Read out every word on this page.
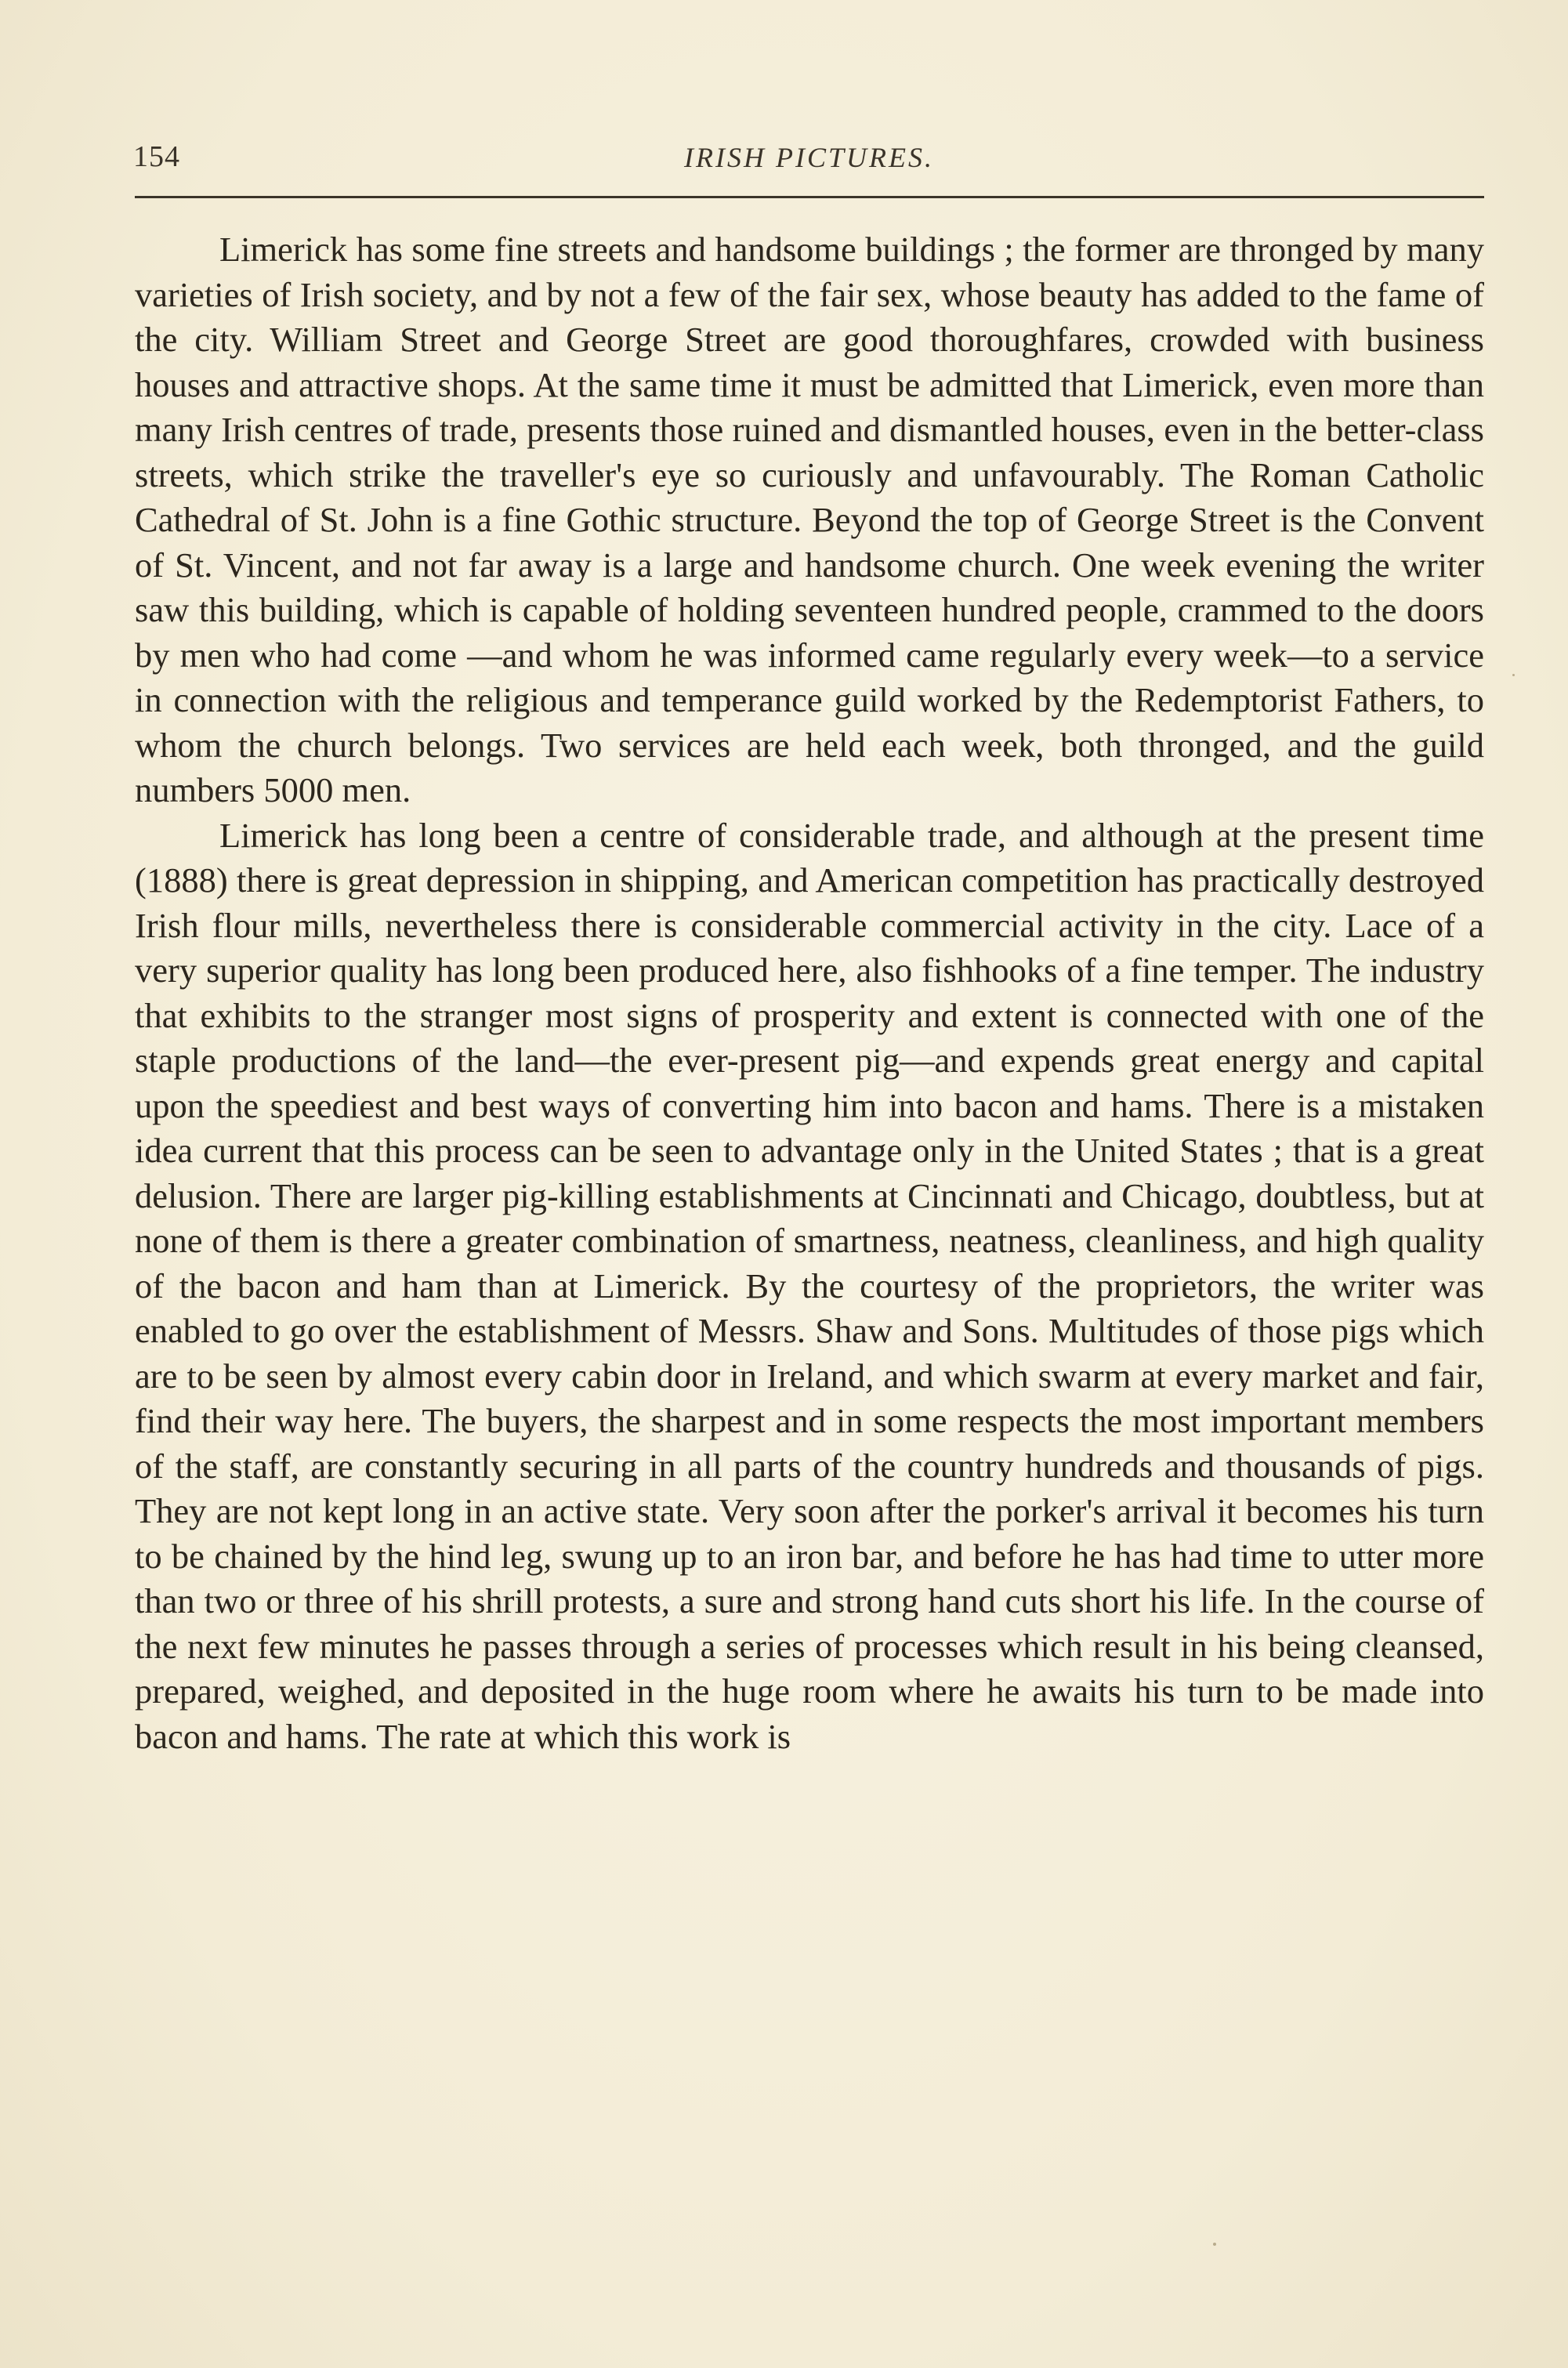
154	IRISH PICTURES.

Limerick has some fine streets and handsome buildings ; the former are thronged by many varieties of Irish society, and by not a few of the fair sex, whose beauty has added to the fame of the city. William Street and George Street are good thoroughfares, crowded with business houses and attractive shops. At the same time it must be admitted that Limerick, even more than many Irish centres of trade, presents those ruined and dismantled houses, even in the better-class streets, which strike the traveller's eye so curiously and unfavourably. The Roman Catholic Cathedral of St. John is a fine Gothic structure. Beyond the top of George Street is the Convent of St. Vincent, and not far away is a large and handsome church. One week evening the writer saw this building, which is capable of holding seventeen hundred people, crammed to the doors by men who had come —and whom he was informed came regularly every week—to a service in connection with the religious and temperance guild worked by the Redemptorist Fathers, to whom the church belongs. Two services are held each week, both thronged, and the guild numbers 5000 men.

Limerick has long been a centre of considerable trade, and although at the present time (1888) there is great depression in shipping, and American competition has practically destroyed Irish flour mills, nevertheless there is considerable commercial activity in the city. Lace of a very superior quality has long been produced here, also fishhooks of a fine temper. The industry that exhibits to the stranger most signs of prosperity and extent is connected with one of the staple productions of the land—the ever-present pig—and expends great energy and capital upon the speediest and best ways of converting him into bacon and hams. There is a mistaken idea current that this process can be seen to advantage only in the United States ; that is a great delusion. There are larger pig-killing establishments at Cincinnati and Chicago, doubtless, but at none of them is there a greater combination of smartness, neatness, cleanliness, and high quality of the bacon and ham than at Limerick. By the courtesy of the proprietors, the writer was enabled to go over the establishment of Messrs. Shaw and Sons. Multitudes of those pigs which are to be seen by almost every cabin door in Ireland, and which swarm at every market and fair, find their way here. The buyers, the sharpest and in some respects the most important members of the staff, are constantly securing in all parts of the country hundreds and thousands of pigs. They are not kept long in an active state. Very soon after the porker's arrival it becomes his turn to be chained by the hind leg, swung up to an iron bar, and before he has had time to utter more than two or three of his shrill protests, a sure and strong hand cuts short his life. In the course of the next few minutes he passes through a series of processes which result in his being cleansed, prepared, weighed, and deposited in the huge room where he awaits his turn to be made into bacon and hams. The rate at which this work is
